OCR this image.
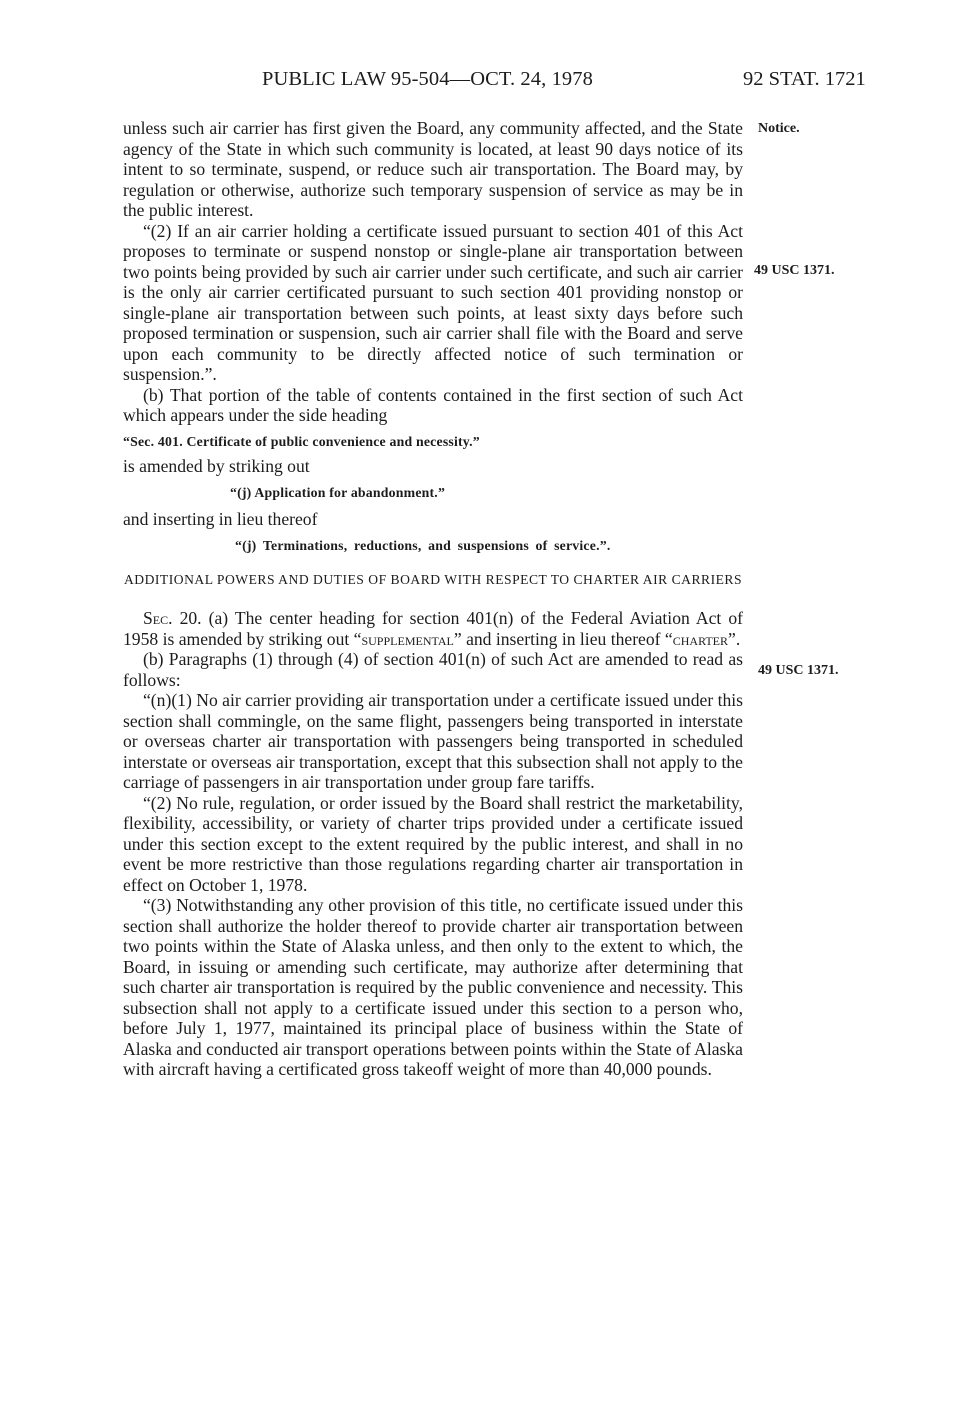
PUBLIC LAW 95-504—OCT. 24, 1978	92 STAT. 1721
Notice.
49 USC 1371.
49 USC 1371.

unless such air carrier has first given the Board, any community affected, and the State agency of the State in which such community is located, at least 90 days notice of its intent to so terminate, suspend, or reduce such air transportation. The Board may, by regulation or otherwise, authorize such temporary suspension of service as may be in the public interest.

“(2) If an air carrier holding a certificate issued pursuant to section 401 of this Act proposes to terminate or suspend nonstop or single-plane air transportation between two points being provided by such air carrier under such certificate, and such air carrier is the only air carrier certificated pursuant to such section 401 providing nonstop or single-plane air transportation between such points, at least sixty days before such proposed termination or suspension, such air carrier shall file with the Board and serve upon each community to be directly affected notice of such termination or suspension.”.

(b) That portion of the table of contents contained in the first section of such Act which appears under the side heading

“Sec. 401. Certificate of public convenience and necessity.”

is amended by striking out

“(j) Application for abandonment.”

and inserting in lieu thereof

“(j) Terminations, reductions, and suspensions of service.”.

ADDITIONAL POWERS AND DUTIES OF BOARD WITH RESPECT TO CHARTER AIR CARRIERS

Sec. 20. (a) The center heading for section 401(n) of the Federal Aviation Act of 1958 is amended by striking out “supplemental” and inserting in lieu thereof “charter”.

(b) Paragraphs (1) through (4) of section 401(n) of such Act are amended to read as follows:

“(n)(1) No air carrier providing air transportation under a certificate issued under this section shall commingle, on the same flight, passengers being transported in interstate or overseas charter air transportation with passengers being transported in scheduled interstate or overseas air transportation, except that this subsection shall not apply to the carriage of passengers in air transportation under group fare tariffs.

“(2) No rule, regulation, or order issued by the Board shall restrict the marketability, flexibility, accessibility, or variety of charter trips provided under a certificate issued under this section except to the extent required by the public interest, and shall in no event be more restrictive than those regulations regarding charter air transportation in effect on October 1, 1978.

“(3) Notwithstanding any other provision of this title, no certificate issued under this section shall authorize the holder thereof to provide charter air transportation between two points within the State of Alaska unless, and then only to the extent to which, the Board, in issuing or amending such certificate, may authorize after determining that such charter air transportation is required by the public convenience and necessity. This subsection shall not apply to a certificate issued under this section to a person who, before July 1, 1977, maintained its principal place of business within the State of Alaska and conducted air transport operations between points within the State of Alaska with aircraft having a certificated gross takeoff weight of more than 40,000 pounds.
